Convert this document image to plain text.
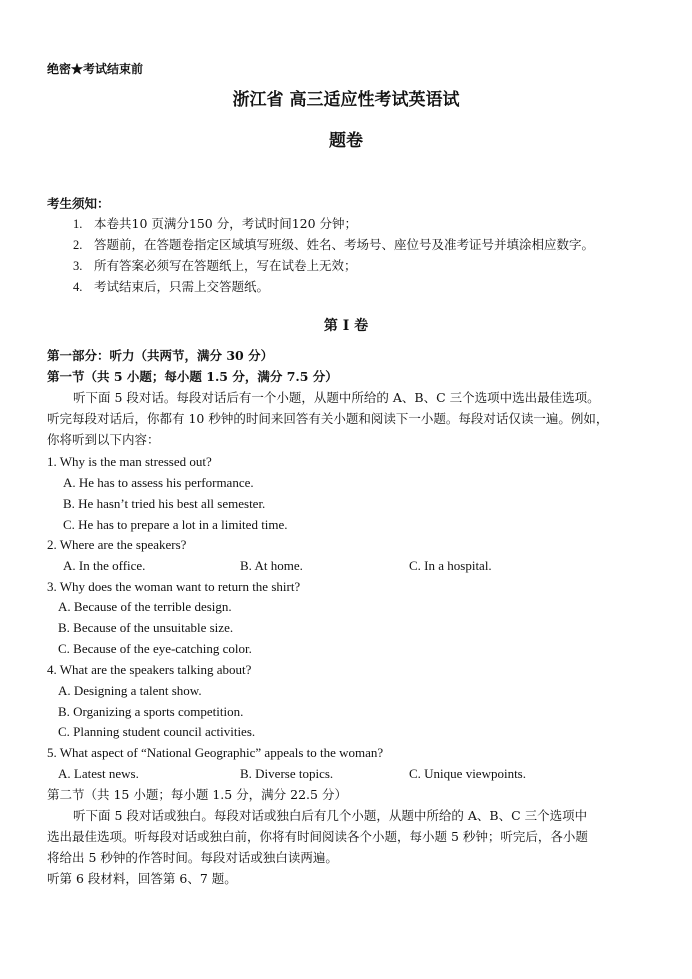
绝密★考试结束前
浙江省 高三适应性考试英语试
题卷
考生须知：
1. 本卷共10 页满分150 分，考试时间120 分钟；
2. 答题前，在答题卷指定区域填写班级、姓名、考场号、座位号及准考证号并填涂相应数字。
3. 所有答案必须写在答题纸上，写在试卷上无效；
4. 考试结束后，只需上交答题纸。
第 I 卷
第一部分：听力（共两节，满分 30 分）
第一节（共 5 小题；每小题 1.5 分，满分 7.5 分）
听下面 5 段对话。每段对话后有一个小题，从题中所给的 A、B、C 三个选项中选出最佳选项。
听完每段对话后，你都有 10 秒钟的时间来回答有关小题和阅读下一小题。每段对话仅读一遍。例如，
你将听到以下内容：
1. Why is the man stressed out?
A. He has to assess his performance.
B. He hasn’t tried his best all semester.
C. He has to prepare a lot in a limited time.
2. Where are the speakers?
A. In the office.	B. At home.	C. In a hospital.
3. Why does the woman want to return the shirt?
A. Because of the terrible design.
B. Because of the unsuitable size.
C. Because of the eye-catching color.
4. What are the speakers talking about?
A. Designing a talent show.
B. Organizing a sports competition.
C. Planning student council activities.
5. What aspect of “National Geographic” appeals to the woman?
A. Latest news.	B. Diverse topics.	C. Unique viewpoints.
第二节（共 15 小题；每小题 1.5 分，满分 22.5 分）
听下面 5 段对话或独白。每段对话或独白后有几个小题，从题中所给的 A、B、C 三个选项中
选出最佳选项。听每段对话或独白前，你将有时间阅读各个小题，每小题 5 秒钟；听完后，各小题
将给出 5 秒钟的作答时间。每段对话或独白读两遍。
听第 6 段材料，回答第 6、7 题。
